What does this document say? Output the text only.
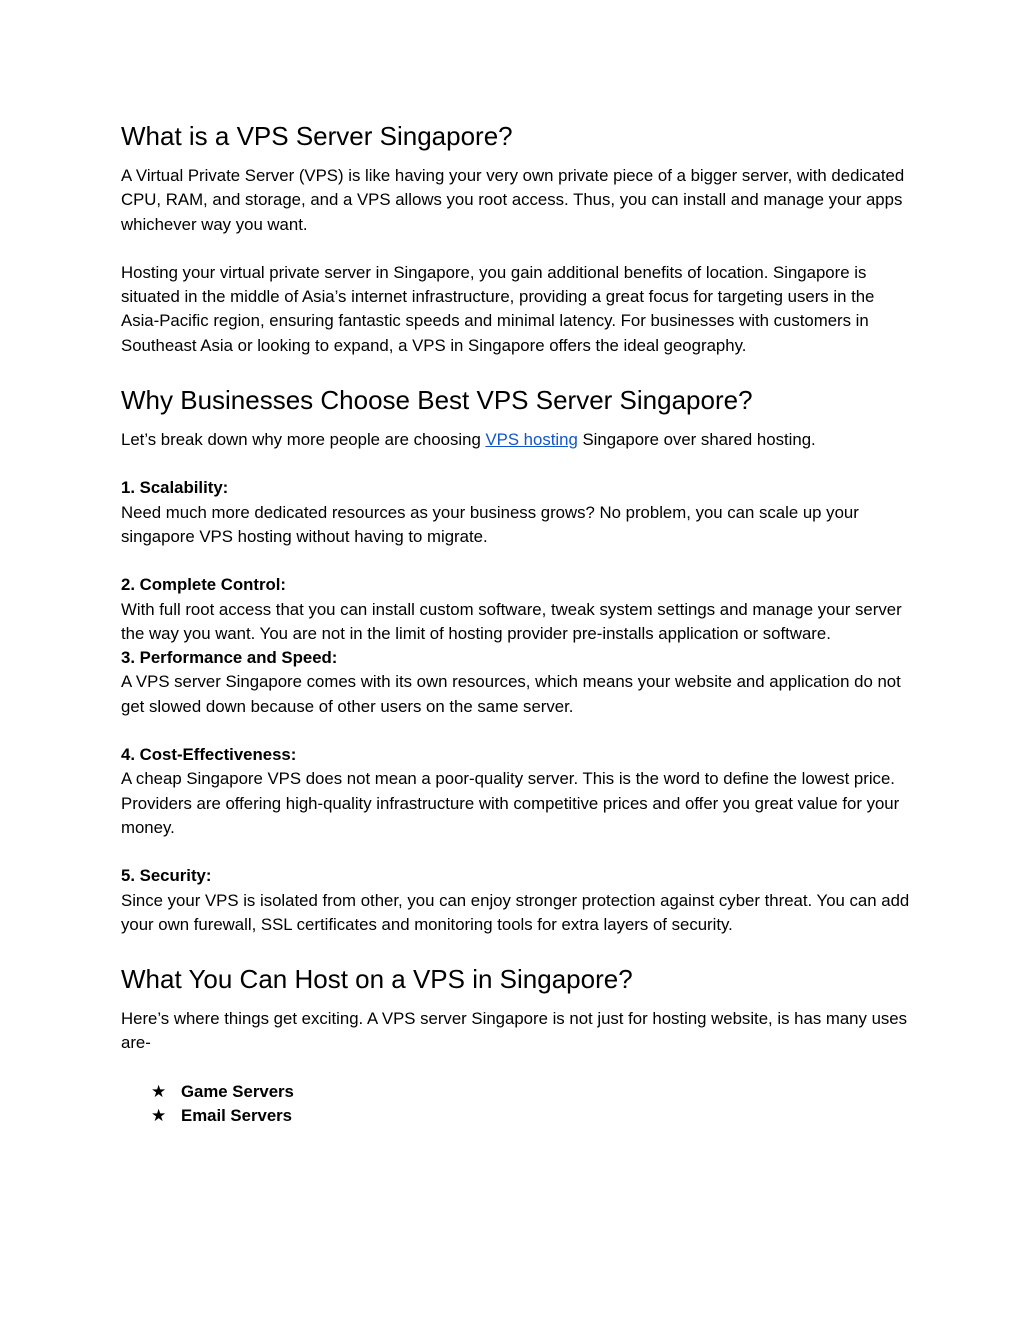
What is a VPS Server Singapore?

A Virtual Private Server (VPS) is like having your very own private piece of a bigger server, with dedicated CPU, RAM, and storage, and a VPS allows you root access. Thus, you can install and manage your apps whichever way you want.

Hosting your virtual private server in Singapore, you gain additional benefits of location. Singapore is situated in the middle of Asia’s internet infrastructure, providing a great focus for targeting users in the Asia-Pacific region, ensuring fantastic speeds and minimal latency. For businesses with customers in Southeast Asia or looking to expand, a VPS in Singapore offers the ideal geography.

Why Businesses Choose Best VPS Server Singapore?

Let’s break down why more people are choosing VPS hosting Singapore over shared hosting.

1. Scalability:
Need much more dedicated resources as your business grows? No problem, you can scale up your singapore VPS hosting without having to migrate.

2. Complete Control:
With full root access that you can install custom software, tweak system settings and manage your server the way you want. You are not in the limit of hosting provider pre-installs application or software.

3. Performance and Speed:
A VPS server Singapore comes with its own resources, which means your website and application do not get slowed down because of other users on the same server.

4. Cost-Effectiveness:
A cheap Singapore VPS does not mean a poor-quality server. This is the word to define the lowest price. Providers are offering high-quality infrastructure with competitive prices and offer you great value for your money.

5. Security:
Since your VPS is isolated from other, you can enjoy stronger protection against cyber threat. You can add your own furewall, SSL certificates and monitoring tools for extra layers of security.

What You Can Host on a VPS in Singapore?

Here’s where things get exciting. A VPS server Singapore is not just for hosting website, is has many uses are-

★ Game Servers
★ Email Servers
